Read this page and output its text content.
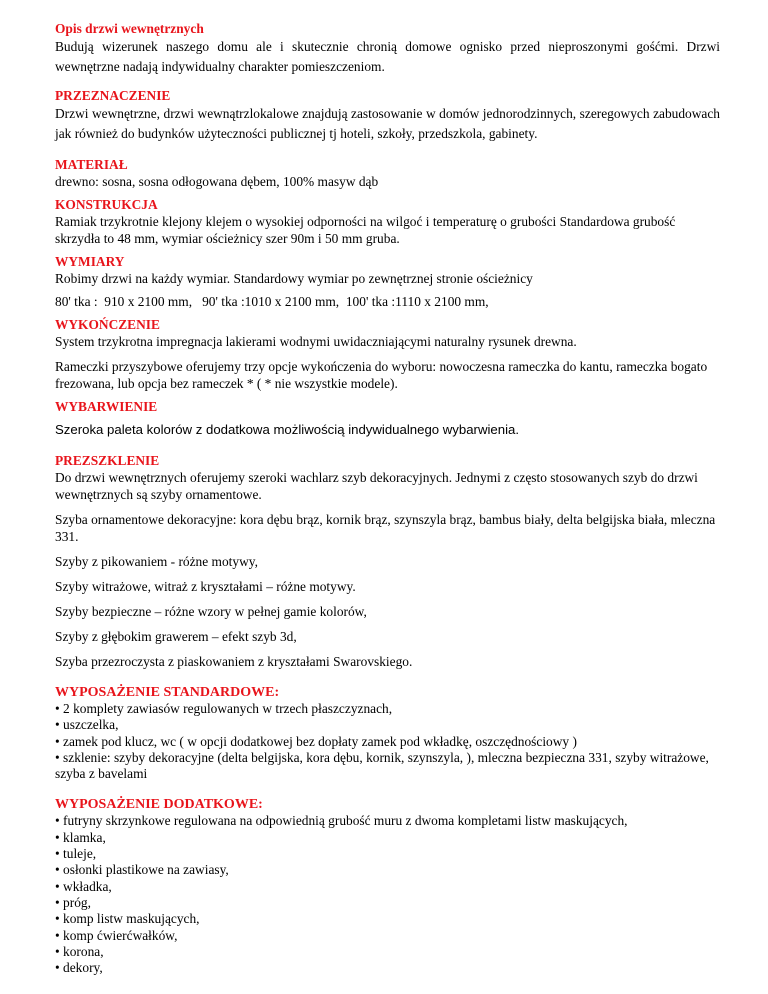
Opis drzwi wewnętrznych

Budują wizerunek naszego domu ale i skutecznie chronią domowe ognisko przed nieproszonymi gośćmi. Drzwi wewnętrzne nadają indywidualny charakter pomieszczeniom.

PRZEZNACZENIE

Drzwi wewnętrzne, drzwi wewnątrzlokalowe znajdują zastosowanie w domów jednorodzinnych, szeregowych zabudowach jak również do budynków użyteczności publicznej tj hoteli, szkoły, przedszkola, gabinety.

MATERIAŁ

drewno: sosna, sosna odłogowana dębem, 100% masyw dąb

KONSTRUKCJA

Ramiak trzykrotnie klejony klejem o wysokiej odporności na wilgoć i temperaturę o grubości Standardowa grubość skrzydła to 48 mm, wymiar ościeżnicy szer 90m i 50 mm gruba.

WYMIARY

Robimy drzwi na każdy wymiar. Standardowy wymiar po zewnętrznej stronie ościeżnicy

80' tka :  910 x 2100 mm,   90' tka :1010 x 2100 mm,  100' tka :1110 x 2100 mm,

WYKOŃCZENIE

System trzykrotna impregnacja lakierami wodnymi uwidaczniającymi naturalny rysunek drewna.

Rameczki przyszybowe oferujemy trzy opcje wykończenia do wyboru: nowoczesna rameczka do kantu, rameczka bogato frezowana, lub opcja bez rameczek * ( * nie wszystkie modele).

WYBARWIENIE

Szeroka paleta kolorów z dodatkowa możliwością indywidualnego wybarwienia.

PREZSZKLENIE

Do drzwi wewnętrznych oferujemy szeroki wachlarz szyb dekoracyjnych. Jednymi z często stosowanych szyb do drzwi wewnętrznych są szyby ornamentowe.

Szyba ornamentowe dekoracyjne: kora dębu brąz, kornik brąz, szynszyla brąz, bambus biały, delta belgijska biała, mleczna 331.

Szyby z pikowaniem - różne motywy,

Szyby witrażowe, witraż z kryształami – różne motywy.

Szyby bezpieczne – różne wzory w pełnej gamie kolorów,

Szyby z głębokim grawerem – efekt szyb 3d,

Szyba przezroczysta z piaskowaniem z kryształami Swarovskiego.

WYPOSAŻENIE STANDARDOWE:
• 2 komplety zawiasów regulowanych w trzech płaszczyznach,
• uszczelka,
• zamek pod klucz, wc ( w opcji dodatkowej bez dopłaty zamek pod wkładkę, oszczędnościowy )
• szklenie: szyby dekoracyjne (delta belgijska, kora dębu, kornik, szynszyla, ), mleczna bezpieczna 331, szyby witrażowe, szyba z bavelami
WYPOSAŻENIE DODATKOWE:
• futryny skrzynkowe regulowana na odpowiednią grubość muru z dwoma kompletami listw maskujących,
• klamka,
• tuleje,
• osłonki plastikowe na zawiasy,
• wkładka,
• próg,
• komp listw maskujących,
• komp ćwierćwałków,
• korona,
• dekory,
